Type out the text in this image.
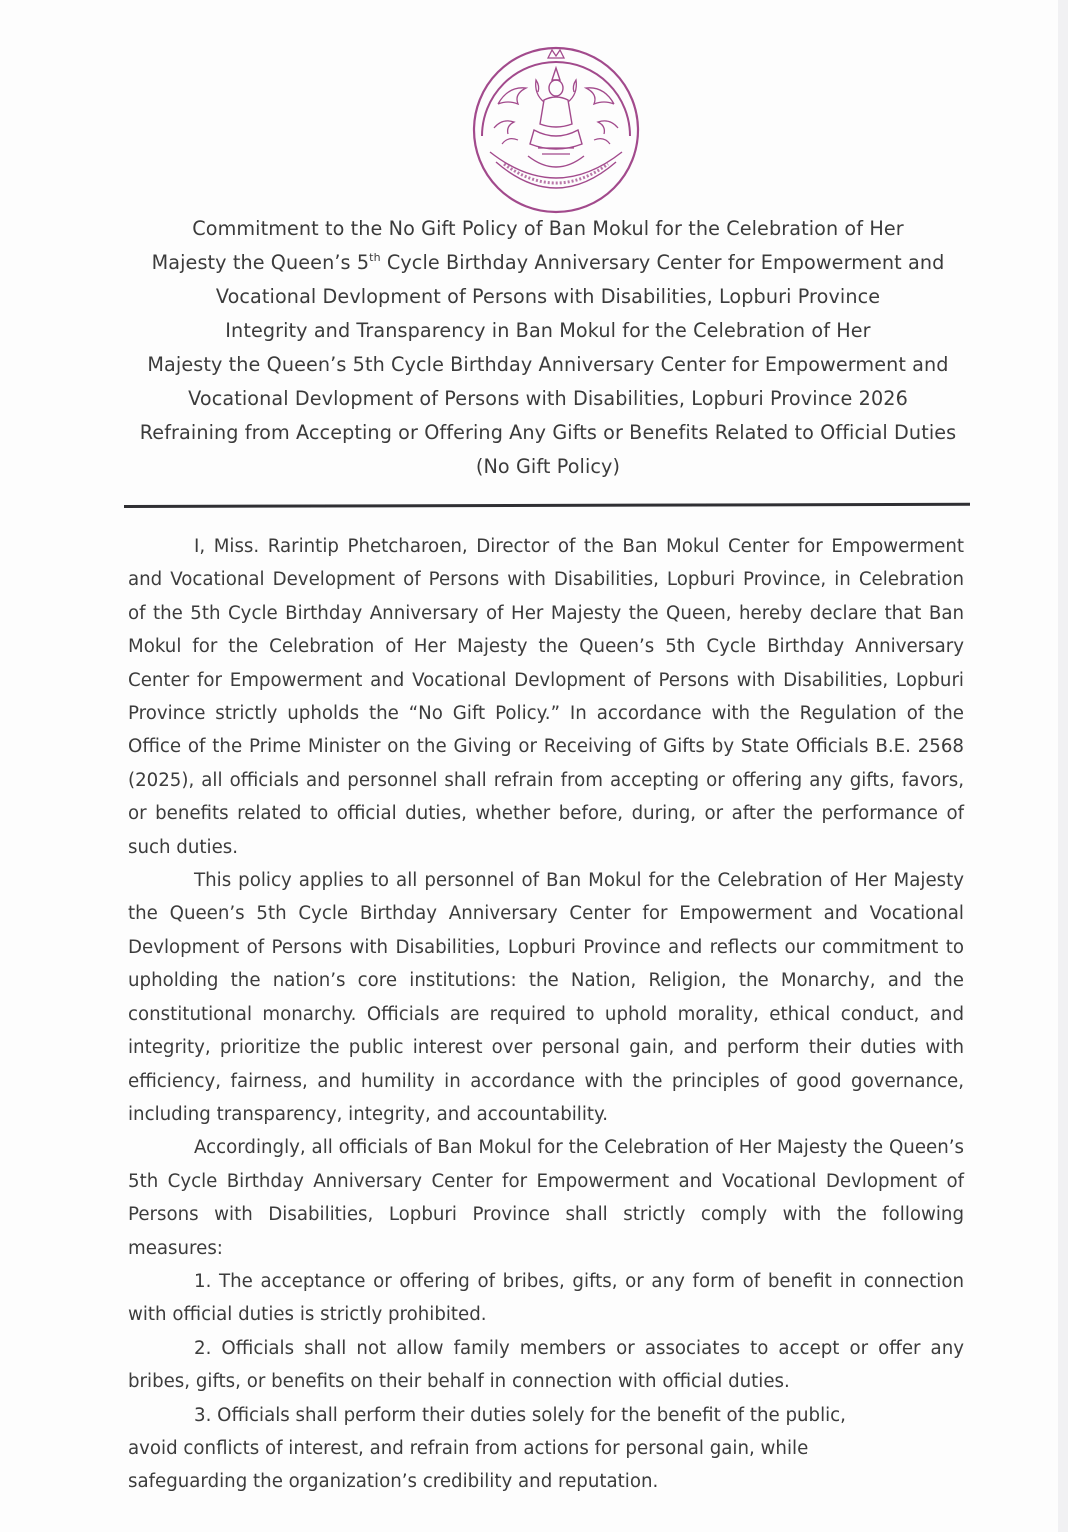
Commitment to the No Gift Policy of Ban Mokul for the Celebration of Her
Majesty the Queen’s 5th Cycle Birthday Anniversary Center for Empowerment and
Vocational Devlopment of Persons with Disabilities, Lopburi Province
Integrity and Transparency in Ban Mokul for the Celebration of Her
Majesty the Queen’s 5th Cycle Birthday Anniversary Center for Empowerment and
Vocational Devlopment of Persons with Disabilities, Lopburi Province 2026
Refraining from Accepting or Offering Any Gifts or Benefits Related to Official Duties
(No Gift Policy)

I, Miss. Rarintip Phetcharoen, Director of the Ban Mokul Center for Empowerment and Vocational Development of Persons with Disabilities, Lopburi Province, in Celebration of the 5th Cycle Birthday Anniversary of Her Majesty the Queen, hereby declare that Ban Mokul for the Celebration of Her Majesty the Queen’s 5th Cycle Birthday Anniversary Center for Empowerment and Vocational Devlopment of Persons with Disabilities, Lopburi Province strictly upholds the “No Gift Policy.” In accordance with the Regulation of the Office of the Prime Minister on the Giving or Receiving of Gifts by State Officials B.E. 2568 (2025), all officials and personnel shall refrain from accepting or offering any gifts, favors, or benefits related to official duties, whether before, during, or after the performance of such duties.

This policy applies to all personnel of Ban Mokul for the Celebration of Her Majesty the Queen’s 5th Cycle Birthday Anniversary Center for Empowerment and Vocational Devlopment of Persons with Disabilities, Lopburi Province and reflects our commitment to upholding the nation’s core institutions: the Nation, Religion, the Monarchy, and the constitutional monarchy. Officials are required to uphold morality, ethical conduct, and integrity, prioritize the public interest over personal gain, and perform their duties with efficiency, fairness, and humility in accordance with the principles of good governance, including transparency, integrity, and accountability.

Accordingly, all officials of Ban Mokul for the Celebration of Her Majesty the Queen’s 5th Cycle Birthday Anniversary Center for Empowerment and Vocational Devlopment of Persons with Disabilities, Lopburi Province shall strictly comply with the following measures:

1. The acceptance or offering of bribes, gifts, or any form of benefit in connection with official duties is strictly prohibited.

2. Officials shall not allow family members or associates to accept or offer any bribes, gifts, or benefits on their behalf in connection with official duties.

3. Officials shall perform their duties solely for the benefit of the public, avoid conflicts of interest, and refrain from actions for personal gain, while safeguarding the organization’s credibility and reputation.
